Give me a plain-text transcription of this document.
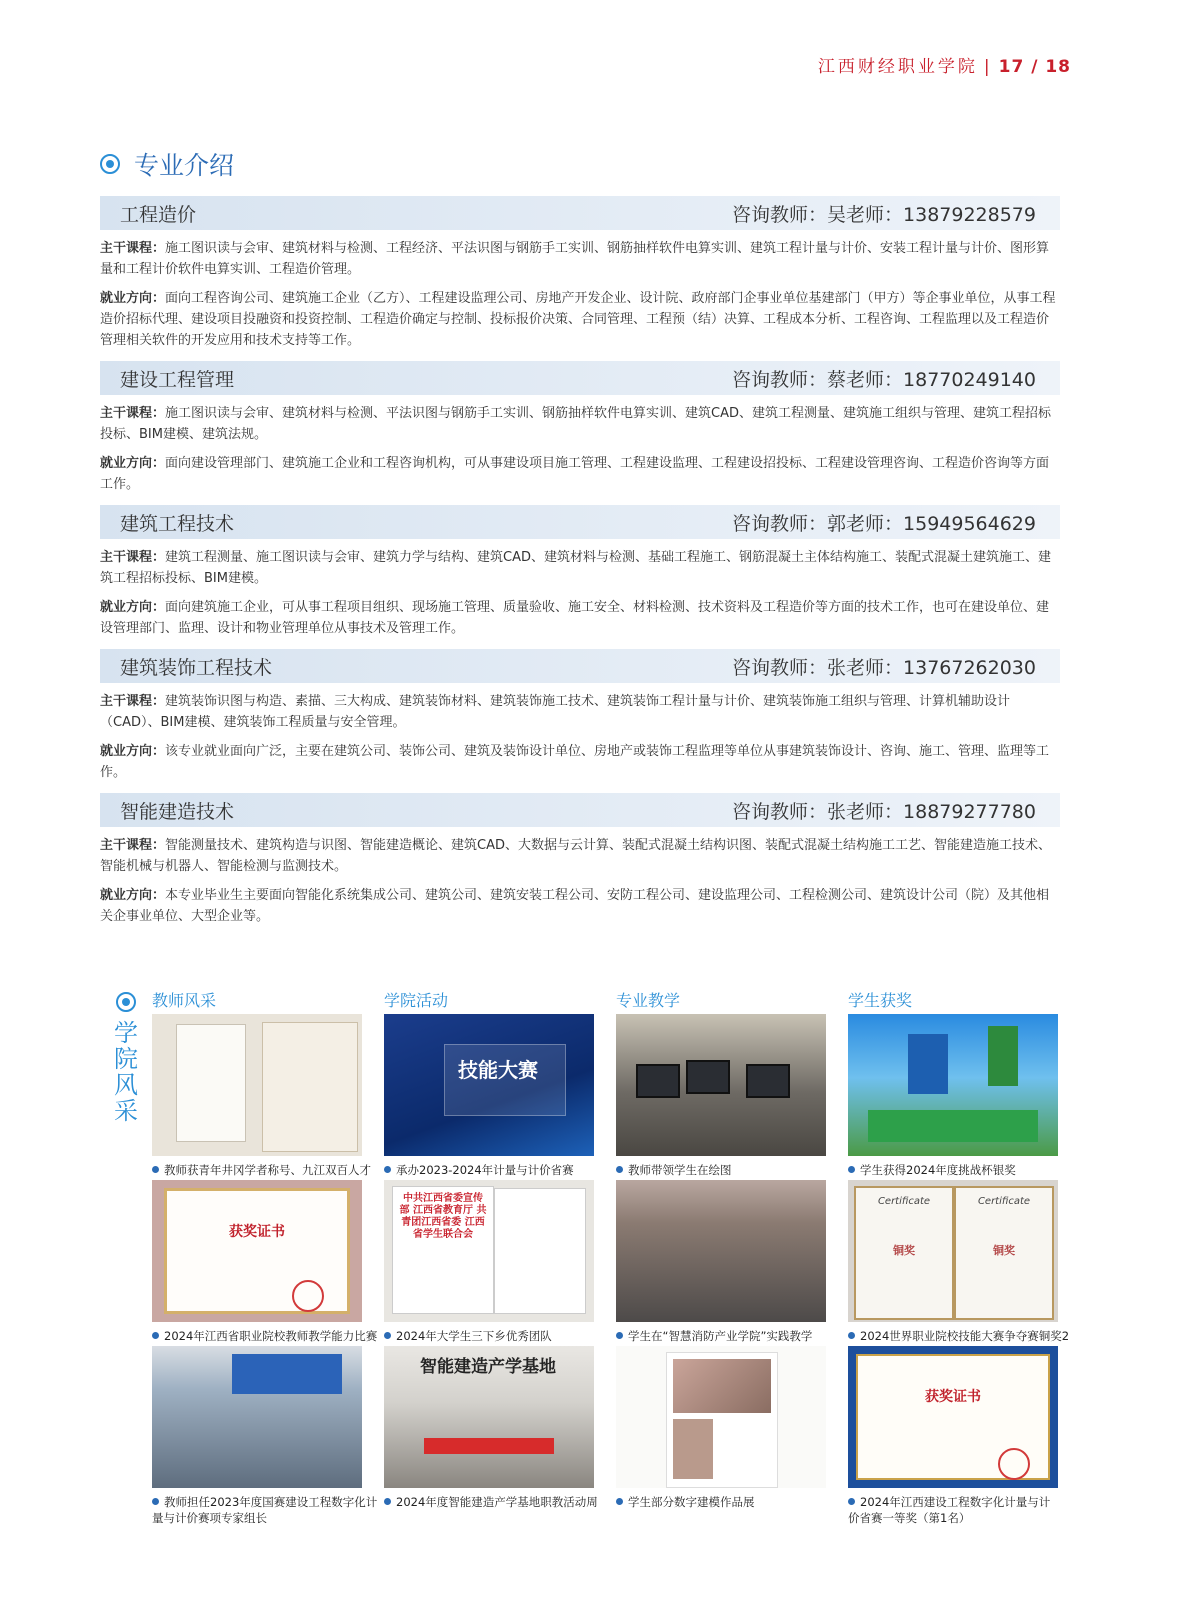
江西财经职业学院 | 17 / 18
专业介绍
工程造价	咨询教师：吴老师：13879228579
主干课程：施工图识读与会审、建筑材料与检测、工程经济、平法识图与钢筋手工实训、钢筋抽样软件电算实训、建筑工程计量与计价、安装工程计量与计价、图形算量和工程计价软件电算实训、工程造价管理。
就业方向：面向工程咨询公司、建筑施工企业（乙方）、工程建设监理公司、房地产开发企业、设计院、政府部门企事业单位基建部门（甲方）等企事业单位，从事工程造价招标代理、建设项目投融资和投资控制、工程造价确定与控制、投标报价决策、合同管理、工程预（结）决算、工程成本分析、工程咨询、工程监理以及工程造价管理相关软件的开发应用和技术支持等工作。
建设工程管理	咨询教师：蔡老师：18770249140
主干课程：施工图识读与会审、建筑材料与检测、平法识图与钢筋手工实训、钢筋抽样软件电算实训、建筑CAD、建筑工程测量、建筑施工组织与管理、建筑工程招标投标、BIM建模、建筑法规。
就业方向：面向建设管理部门、建筑施工企业和工程咨询机构，可从事建设项目施工管理、工程建设监理、工程建设招投标、工程建设管理咨询、工程造价咨询等方面工作。
建筑工程技术	咨询教师：郭老师：15949564629
主干课程：建筑工程测量、施工图识读与会审、建筑力学与结构、建筑CAD、建筑材料与检测、基础工程施工、钢筋混凝土主体结构施工、装配式混凝土建筑施工、建筑工程招标投标、BIM建模。
就业方向：面向建筑施工企业，可从事工程项目组织、现场施工管理、质量验收、施工安全、材料检测、技术资料及工程造价等方面的技术工作，也可在建设单位、建设管理部门、监理、设计和物业管理单位从事技术及管理工作。
建筑装饰工程技术	咨询教师：张老师：13767262030
主干课程：建筑装饰识图与构造、素描、三大构成、建筑装饰材料、建筑装饰施工技术、建筑装饰工程计量与计价、建筑装饰施工组织与管理、计算机辅助设计（CAD）、BIM建模、建筑装饰工程质量与安全管理。
就业方向：该专业就业面向广泛，主要在建筑公司、装饰公司、建筑及装饰设计单位、房地产或装饰工程监理等单位从事建筑装饰设计、咨询、施工、管理、监理等工作。
智能建造技术	咨询教师：张老师：18879277780
主干课程：智能测量技术、建筑构造与识图、智能建造概论、建筑CAD、大数据与云计算、装配式混凝土结构识图、装配式混凝土结构施工工艺、智能建造施工技术、智能机械与机器人、智能检测与监测技术。
就业方向：本专业毕业生主要面向智能化系统集成公司、建筑公司、建筑安装工程公司、安防工程公司、建设监理公司、工程检测公司、建筑设计公司（院）及其他相关企事业单位、大型企业等。
学
院
风
采
教师风采	学院活动	专业教学	学生获奖
技能大赛
教师获青年井冈学者称号、九江双百人才	承办2023-2024年计量与计价省赛	教师带领学生在绘图	学生获得2024年度挑战杯银奖
获奖证书
中共江西省委宣传部 江西省教育厅 共青团江西省委 江西省学生联合会
Certificate
铜奖
Certificate
铜奖
2024年江西省职业院校教师教学能力比赛	2024年大学生三下乡优秀团队	学生在“智慧消防产业学院”实践教学	2024世界职业院校技能大赛争夺赛铜奖2
智能建造产学基地
获奖证书
教师担任2023年度国赛建设工程数字化计量与计价赛项专家组长
2024年度智能建造产学基地职教活动周	学生部分数字建模作品展	2024年江西建设工程数字化计量与计价省赛一等奖（第1名）
